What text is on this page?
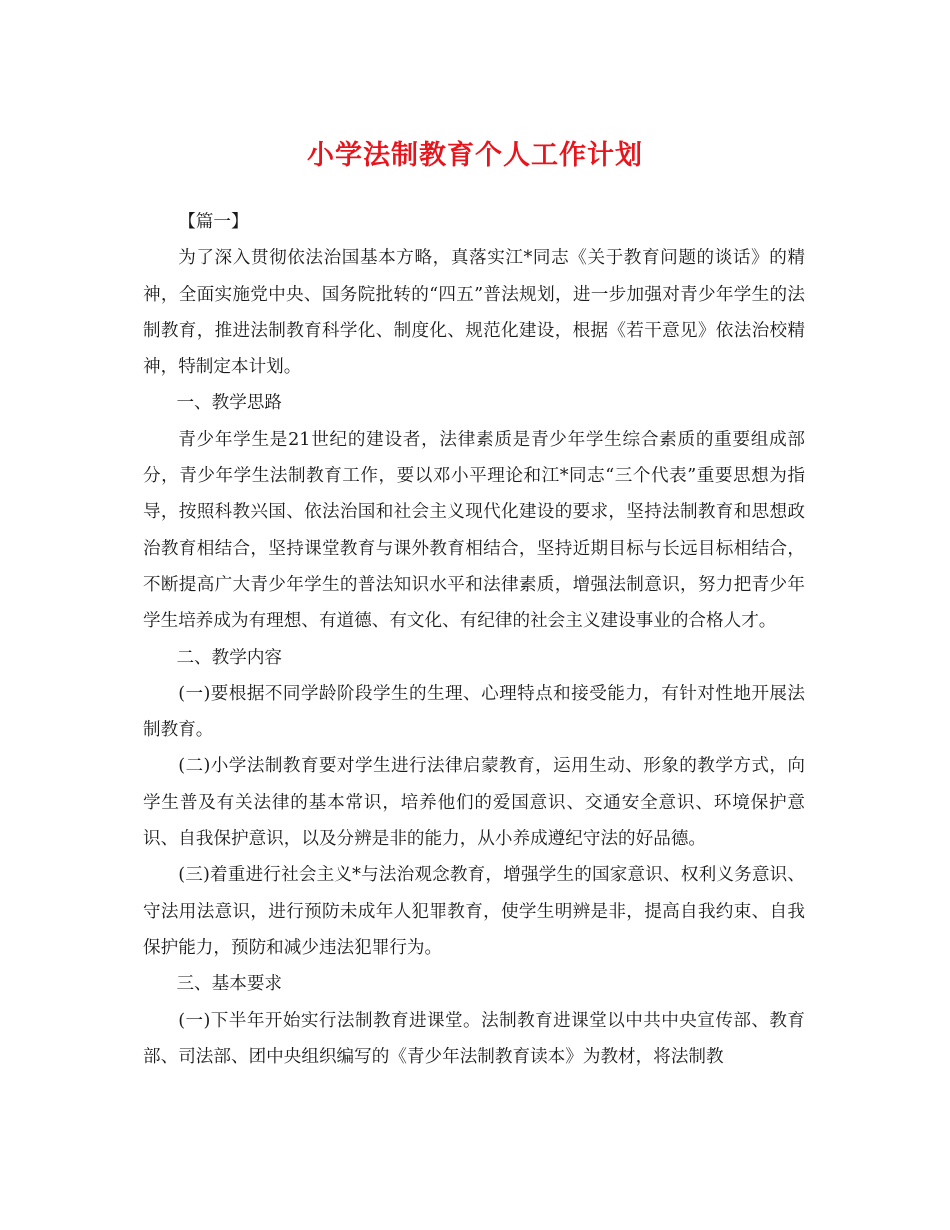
小学法制教育个人工作计划

【篇一】

为了深入贯彻依法治国基本方略，真落实江*同志《关于教育问题的谈话》的精神，全面实施党中央、国务院批转的“四五”普法规划，进一步加强对青少年学生的法制教育，推进法制教育科学化、制度化、规范化建设，根据《若干意见》依法治校精神，特制定本计划。

一、教学思路

青少年学生是21世纪的建设者，法律素质是青少年学生综合素质的重要组成部分，青少年学生法制教育工作，要以邓小平理论和江*同志“三个代表”重要思想为指导，按照科教兴国、依法治国和社会主义现代化建设的要求，坚持法制教育和思想政治教育相结合，坚持课堂教育与课外教育相结合，坚持近期目标与长远目标相结合，不断提高广大青少年学生的普法知识水平和法律素质，增强法制意识，努力把青少年学生培养成为有理想、有道德、有文化、有纪律的社会主义建设事业的合格人才。

二、教学内容

(一)要根据不同学龄阶段学生的生理、心理特点和接受能力，有针对性地开展法制教育。

(二)小学法制教育要对学生进行法律启蒙教育，运用生动、形象的教学方式，向学生普及有关法律的基本常识，培养他们的爱国意识、交通安全意识、环境保护意识、自我保护意识，以及分辨是非的能力，从小养成遵纪守法的好品德。

(三)着重进行社会主义*与法治观念教育，增强学生的国家意识、权利义务意识、守法用法意识，进行预防未成年人犯罪教育，使学生明辨是非，提高自我约束、自我保护能力，预防和减少违法犯罪行为。

三、基本要求

(一)下半年开始实行法制教育进课堂。法制教育进课堂以中共中央宣传部、教育部、司法部、团中央组织编写的《青少年法制教育读本》为教材，将法制教
